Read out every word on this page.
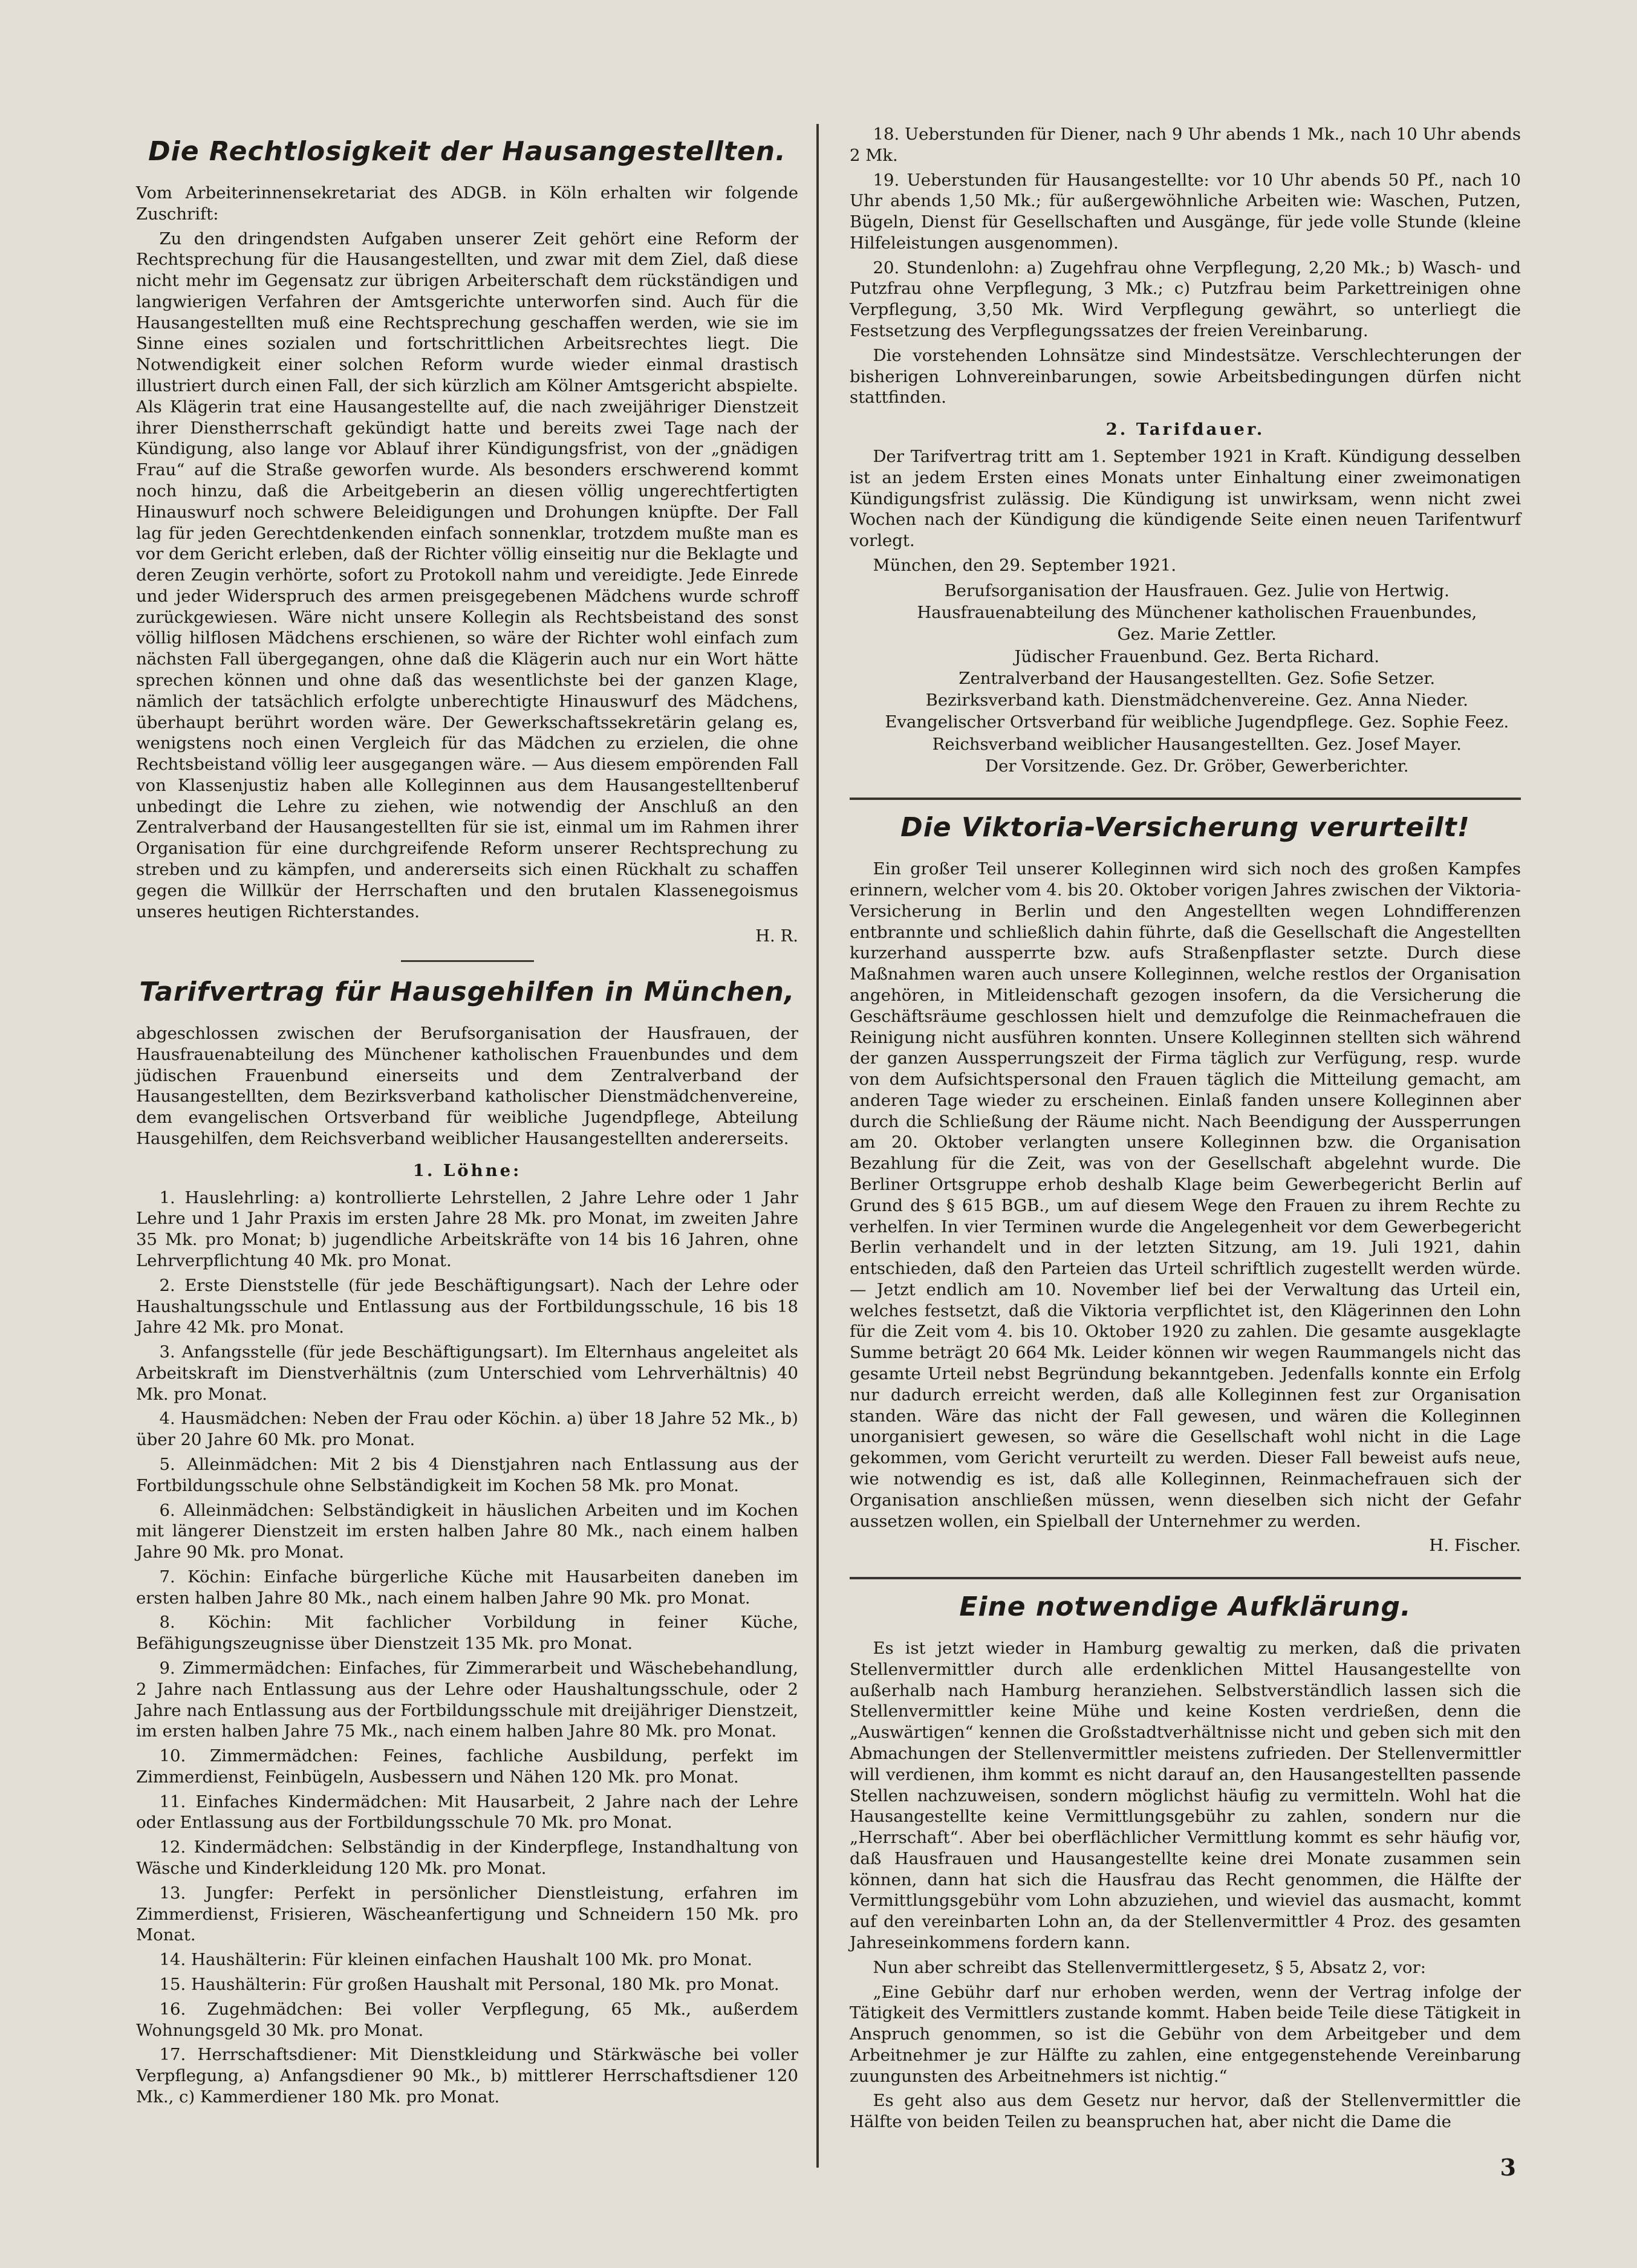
Die Rechtlosigkeit der Hausangestellten.

Vom Arbeiterinnensekretariat des ADGB. in Köln erhalten wir folgende Zuschrift:

Zu den dringendsten Aufgaben unserer Zeit gehört eine Reform der Rechtsprechung für die Hausangestellten, und zwar mit dem Ziel, daß diese nicht mehr im Gegensatz zur übrigen Arbeiterschaft dem rückständigen und langwierigen Verfahren der Amtsgerichte unterworfen sind. Auch für die Hausangestellten muß eine Rechtsprechung geschaffen werden, wie sie im Sinne eines sozialen und fortschrittlichen Arbeitsrechtes liegt. Die Notwendigkeit einer solchen Reform wurde wieder einmal drastisch illustriert durch einen Fall, der sich kürzlich am Kölner Amtsgericht abspielte. Als Klägerin trat eine Hausangestellte auf, die nach zweijähriger Dienstzeit ihrer Dienstherrschaft gekündigt hatte und bereits zwei Tage nach der Kündigung, also lange vor Ablauf ihrer Kündigungsfrist, von der „gnädigen Frau“ auf die Straße geworfen wurde. Als besonders erschwerend kommt noch hinzu, daß die Arbeitgeberin an diesen völlig ungerechtfertigten Hinauswurf noch schwere Beleidigungen und Drohungen knüpfte. Der Fall lag für jeden Gerechtdenkenden einfach sonnenklar, trotzdem mußte man es vor dem Gericht erleben, daß der Richter völlig einseitig nur die Beklagte und deren Zeugin verhörte, sofort zu Protokoll nahm und vereidigte. Jede Einrede und jeder Widerspruch des armen preisgegebenen Mädchens wurde schroff zurückgewiesen. Wäre nicht unsere Kollegin als Rechtsbeistand des sonst völlig hilflosen Mädchens erschienen, so wäre der Richter wohl einfach zum nächsten Fall übergegangen, ohne daß die Klägerin auch nur ein Wort hätte sprechen können und ohne daß das wesentlichste bei der ganzen Klage, nämlich der tatsächlich erfolgte unberechtigte Hinauswurf des Mädchens, überhaupt berührt worden wäre. Der Gewerkschaftssekretärin gelang es, wenigstens noch einen Vergleich für das Mädchen zu erzielen, die ohne Rechtsbeistand völlig leer ausgegangen wäre. — Aus diesem empörenden Fall von Klassenjustiz haben alle Kolleginnen aus dem Hausangestelltenberuf unbedingt die Lehre zu ziehen, wie notwendig der Anschluß an den Zentralverband der Hausangestellten für sie ist, einmal um im Rahmen ihrer Organisation für eine durchgreifende Reform unserer Rechtsprechung zu streben und zu kämpfen, und andererseits sich einen Rückhalt zu schaffen gegen die Willkür der Herrschaften und den brutalen Klassenegoismus unseres heutigen Richterstandes.

H. R.

Tarifvertrag für Hausgehilfen in München,

abgeschlossen zwischen der Berufsorganisation der Hausfrauen, der Hausfrauenabteilung des Münchener katholischen Frauenbundes und dem jüdischen Frauenbund einerseits und dem Zentralverband der Hausangestellten, dem Bezirksverband katholischer Dienstmädchenvereine, dem evangelischen Ortsverband für weibliche Jugendpflege, Abteilung Hausgehilfen, dem Reichsverband weiblicher Hausangestellten andererseits.

1. Löhne:

1. Hauslehrling: a) kontrollierte Lehrstellen, 2 Jahre Lehre oder 1 Jahr Lehre und 1 Jahr Praxis im ersten Jahre 28 Mk. pro Monat, im zweiten Jahre 35 Mk. pro Monat; b) jugendliche Arbeitskräfte von 14 bis 16 Jahren, ohne Lehrverpflichtung 40 Mk. pro Monat.

2. Erste Dienststelle (für jede Beschäftigungsart). Nach der Lehre oder Haushaltungsschule und Entlassung aus der Fortbildungsschule, 16 bis 18 Jahre 42 Mk. pro Monat.

3. Anfangsstelle (für jede Beschäftigungsart). Im Elternhaus angeleitet als Arbeitskraft im Dienstverhältnis (zum Unterschied vom Lehrverhältnis) 40 Mk. pro Monat.

4. Hausmädchen: Neben der Frau oder Köchin. a) über 18 Jahre 52 Mk., b) über 20 Jahre 60 Mk. pro Monat.

5. Alleinmädchen: Mit 2 bis 4 Dienstjahren nach Entlassung aus der Fortbildungsschule ohne Selbständigkeit im Kochen 58 Mk. pro Monat.

6. Alleinmädchen: Selbständigkeit in häuslichen Arbeiten und im Kochen mit längerer Dienstzeit im ersten halben Jahre 80 Mk., nach einem halben Jahre 90 Mk. pro Monat.

7. Köchin: Einfache bürgerliche Küche mit Hausarbeiten daneben im ersten halben Jahre 80 Mk., nach einem halben Jahre 90 Mk. pro Monat.

8. Köchin: Mit fachlicher Vorbildung in feiner Küche, Befähigungszeugnisse über Dienstzeit 135 Mk. pro Monat.

9. Zimmermädchen: Einfaches, für Zimmerarbeit und Wäschebehandlung, 2 Jahre nach Entlassung aus der Lehre oder Haushaltungsschule, oder 2 Jahre nach Entlassung aus der Fortbildungsschule mit dreijähriger Dienstzeit, im ersten halben Jahre 75 Mk., nach einem halben Jahre 80 Mk. pro Monat.

10. Zimmermädchen: Feines, fachliche Ausbildung, perfekt im Zimmerdienst, Feinbügeln, Ausbessern und Nähen 120 Mk. pro Monat.

11. Einfaches Kindermädchen: Mit Hausarbeit, 2 Jahre nach der Lehre oder Entlassung aus der Fortbildungsschule 70 Mk. pro Monat.

12. Kindermädchen: Selbständig in der Kinderpflege, Instandhaltung von Wäsche und Kinderkleidung 120 Mk. pro Monat.

13. Jungfer: Perfekt in persönlicher Dienstleistung, erfahren im Zimmerdienst, Frisieren, Wäscheanfertigung und Schneidern 150 Mk. pro Monat.

14. Haushälterin: Für kleinen einfachen Haushalt 100 Mk. pro Monat.

15. Haushälterin: Für großen Haushalt mit Personal, 180 Mk. pro Monat.

16. Zugehmädchen: Bei voller Verpflegung, 65 Mk., außerdem Wohnungsgeld 30 Mk. pro Monat.

17. Herrschaftsdiener: Mit Dienstkleidung und Stärkwäsche bei voller Verpflegung, a) Anfangsdiener 90 Mk., b) mittlerer Herrschaftsdiener 120 Mk., c) Kammerdiener 180 Mk. pro Monat.

18. Ueberstunden für Diener, nach 9 Uhr abends 1 Mk., nach 10 Uhr abends 2 Mk.

19. Ueberstunden für Hausangestellte: vor 10 Uhr abends 50 Pf., nach 10 Uhr abends 1,50 Mk.; für außergewöhnliche Arbeiten wie: Waschen, Putzen, Bügeln, Dienst für Gesellschaften und Ausgänge, für jede volle Stunde (kleine Hilfeleistungen ausgenommen).

20. Stundenlohn: a) Zugehfrau ohne Verpflegung, 2,20 Mk.; b) Wasch- und Putzfrau ohne Verpflegung, 3 Mk.; c) Putzfrau beim Parkettreinigen ohne Verpflegung, 3,50 Mk. Wird Verpflegung gewährt, so unterliegt die Festsetzung des Verpflegungssatzes der freien Vereinbarung.

Die vorstehenden Lohnsätze sind Mindestsätze. Verschlechterungen der bisherigen Lohnvereinbarungen, sowie Arbeitsbedingungen dürfen nicht stattfinden.

2. Tarifdauer.

Der Tarifvertrag tritt am 1. September 1921 in Kraft. Kündigung desselben ist an jedem Ersten eines Monats unter Einhaltung einer zweimonatigen Kündigungsfrist zulässig. Die Kündigung ist unwirksam, wenn nicht zwei Wochen nach der Kündigung die kündigende Seite einen neuen Tarifentwurf vorlegt.

München, den 29. September 1921.

Berufsorganisation der Hausfrauen. Gez. Julie von Hertwig.

Hausfrauenabteilung des Münchener katholischen Frauenbundes,

Gez. Marie Zettler.

Jüdischer Frauenbund. Gez. Berta Richard.

Zentralverband der Hausangestellten. Gez. Sofie Setzer.

Bezirksverband kath. Dienstmädchenvereine. Gez. Anna Nieder.

Evangelischer Ortsverband für weibliche Jugendpflege. Gez. Sophie Feez.

Reichsverband weiblicher Hausangestellten. Gez. Josef Mayer.

Der Vorsitzende. Gez. Dr. Gröber, Gewerberichter.

Die Viktoria-Versicherung verurteilt!

Ein großer Teil unserer Kolleginnen wird sich noch des großen Kampfes erinnern, welcher vom 4. bis 20. Oktober vorigen Jahres zwischen der Viktoria-Versicherung in Berlin und den Angestellten wegen Lohndifferenzen entbrannte und schließlich dahin führte, daß die Gesellschaft die Angestellten kurzerhand aussperrte bzw. aufs Straßenpflaster setzte. Durch diese Maßnahmen waren auch unsere Kolleginnen, welche restlos der Organisation angehören, in Mitleidenschaft gezogen insofern, da die Versicherung die Geschäftsräume geschlossen hielt und demzufolge die Reinmachefrauen die Reinigung nicht ausführen konnten. Unsere Kolleginnen stellten sich während der ganzen Aussperrungszeit der Firma täglich zur Verfügung, resp. wurde von dem Aufsichtspersonal den Frauen täglich die Mitteilung gemacht, am anderen Tage wieder zu erscheinen. Einlaß fanden unsere Kolleginnen aber durch die Schließung der Räume nicht. Nach Beendigung der Aussperrungen am 20. Oktober verlangten unsere Kolleginnen bzw. die Organisation Bezahlung für die Zeit, was von der Gesellschaft abgelehnt wurde. Die Berliner Ortsgruppe erhob deshalb Klage beim Gewerbegericht Berlin auf Grund des § 615 BGB., um auf diesem Wege den Frauen zu ihrem Rechte zu verhelfen. In vier Terminen wurde die Angelegenheit vor dem Gewerbegericht Berlin verhandelt und in der letzten Sitzung, am 19. Juli 1921, dahin entschieden, daß den Parteien das Urteil schriftlich zugestellt werden würde. — Jetzt endlich am 10. November lief bei der Verwaltung das Urteil ein, welches festsetzt, daß die Viktoria verpflichtet ist, den Klägerinnen den Lohn für die Zeit vom 4. bis 10. Oktober 1920 zu zahlen. Die gesamte ausgeklagte Summe beträgt 20 664 Mk. Leider können wir wegen Raummangels nicht das gesamte Urteil nebst Begründung bekanntgeben. Jedenfalls konnte ein Erfolg nur dadurch erreicht werden, daß alle Kolleginnen fest zur Organisation standen. Wäre das nicht der Fall gewesen, und wären die Kolleginnen unorganisiert gewesen, so wäre die Gesellschaft wohl nicht in die Lage gekommen, vom Gericht verurteilt zu werden. Dieser Fall beweist aufs neue, wie notwendig es ist, daß alle Kolleginnen, Reinmachefrauen sich der Organisation anschließen müssen, wenn dieselben sich nicht der Gefahr aussetzen wollen, ein Spielball der Unternehmer zu werden.

H. Fischer.

Eine notwendige Aufklärung.

Es ist jetzt wieder in Hamburg gewaltig zu merken, daß die privaten Stellenvermittler durch alle erdenklichen Mittel Hausangestellte von außerhalb nach Hamburg heranziehen. Selbstverständlich lassen sich die Stellenvermittler keine Mühe und keine Kosten verdrießen, denn die „Auswärtigen“ kennen die Großstadtverhältnisse nicht und geben sich mit den Abmachungen der Stellenvermittler meistens zufrieden. Der Stellenvermittler will verdienen, ihm kommt es nicht darauf an, den Hausangestellten passende Stellen nachzuweisen, sondern möglichst häufig zu vermitteln. Wohl hat die Hausangestellte keine Vermittlungsgebühr zu zahlen, sondern nur die „Herrschaft“. Aber bei oberflächlicher Vermittlung kommt es sehr häufig vor, daß Hausfrauen und Hausangestellte keine drei Monate zusammen sein können, dann hat sich die Hausfrau das Recht genommen, die Hälfte der Vermittlungsgebühr vom Lohn abzuziehen, und wieviel das ausmacht, kommt auf den vereinbarten Lohn an, da der Stellenvermittler 4 Proz. des gesamten Jahreseinkommens fordern kann.

Nun aber schreibt das Stellenvermittlergesetz, § 5, Absatz 2, vor:

„Eine Gebühr darf nur erhoben werden, wenn der Vertrag infolge der Tätigkeit des Vermittlers zustande kommt. Haben beide Teile diese Tätigkeit in Anspruch genommen, so ist die Gebühr von dem Arbeitgeber und dem Arbeitnehmer je zur Hälfte zu zahlen, eine entgegenstehende Vereinbarung zuungunsten des Arbeitnehmers ist nichtig.“

Es geht also aus dem Gesetz nur hervor, daß der Stellenvermittler die Hälfte von beiden Teilen zu beanspruchen hat, aber nicht die Dame die

3
